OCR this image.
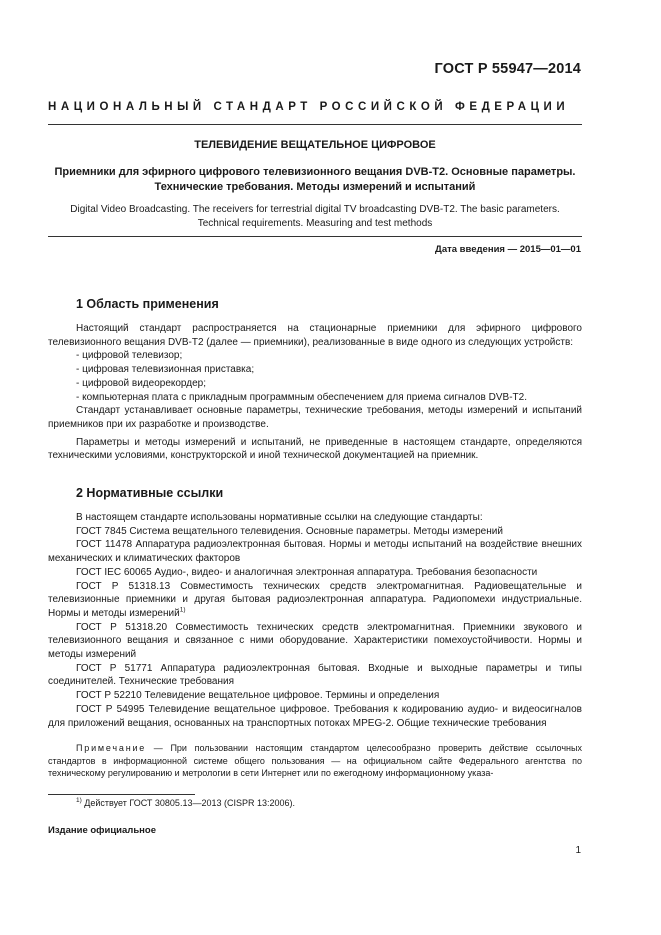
ГОСТ Р 55947—2014
НАЦИОНАЛЬНЫЙ СТАНДАРТ РОССИЙСКОЙ ФЕДЕРАЦИИ
ТЕЛЕВИДЕНИЕ ВЕЩАТЕЛЬНОЕ ЦИФРОВОЕ
Приемники для эфирного цифрового телевизионного вещания DVB-T2. Основные параметры.
Технические требования. Методы измерений и испытаний
Digital Video Broadcasting. The receivers for terrestrial digital TV broadcasting DVB-T2. The basic parameters.
Technical requirements. Measuring and test methods
Дата введения — 2015—01—01
1 Область применения

Настоящий стандарт распространяется на стационарные приемники для эфирного цифрового телевизионного вещания DVB-T2 (далее — приемники), реализованные в виде одного из следующих устройств:

- цифровой телевизор;

- цифровая телевизионная приставка;

- цифровой видеорекордер;

- компьютерная плата с прикладным программным обеспечением для приема сигналов DVB-T2.

Стандарт устанавливает основные параметры, технические требования, методы измерений и испытаний приемников при их разработке и производстве.

Параметры и методы измерений и испытаний, не приведенные в настоящем стандарте, определяются техническими условиями, конструкторской и иной технической документацией на приемник.

2 Нормативные ссылки

В настоящем стандарте использованы нормативные ссылки на следующие стандарты:

ГОСТ 7845 Система вещательного телевидения. Основные параметры. Методы измерений

ГОСТ 11478 Аппаратура радиоэлектронная бытовая. Нормы и методы испытаний на воздействие внешних механических и климатических факторов

ГОСТ IEC 60065 Аудио-, видео- и аналогичная электронная аппаратура. Требования безопасности

ГОСТ Р 51318.13 Совместимость технических средств электромагнитная. Радиовещательные и телевизионные приемники и другая бытовая радиоэлектронная аппаратура. Радиопомехи индустриальные. Нормы и методы измерений$^{1)}$

ГОСТ Р 51318.20 Совместимость технических средств электромагнитная. Приемники звукового и телевизионного вещания и связанное с ними оборудование. Характеристики помехоустойчивости. Нормы и методы измерений

ГОСТ Р 51771 Аппаратура радиоэлектронная бытовая. Входные и выходные параметры и типы соединителей. Технические требования

ГОСТ Р 52210 Телевидение вещательное цифровое. Термины и определения

ГОСТ Р 54995 Телевидение вещательное цифровое. Требования к кодированию аудио- и видеосигналов для приложений вещания, основанных на транспортных потоках MPEG-2. Общие технические требования

Примечание — При пользовании настоящим стандартом целесообразно проверить действие ссылочных стандартов в информационной системе общего пользования — на официальном сайте Федерального агентства по техническому регулированию и метрологии в сети Интернет или по ежегодному информационному указа-

$^{1)}$ Действует ГОСТ 30805.13—2013 (CISPR 13:2006).
Издание официальное
1
